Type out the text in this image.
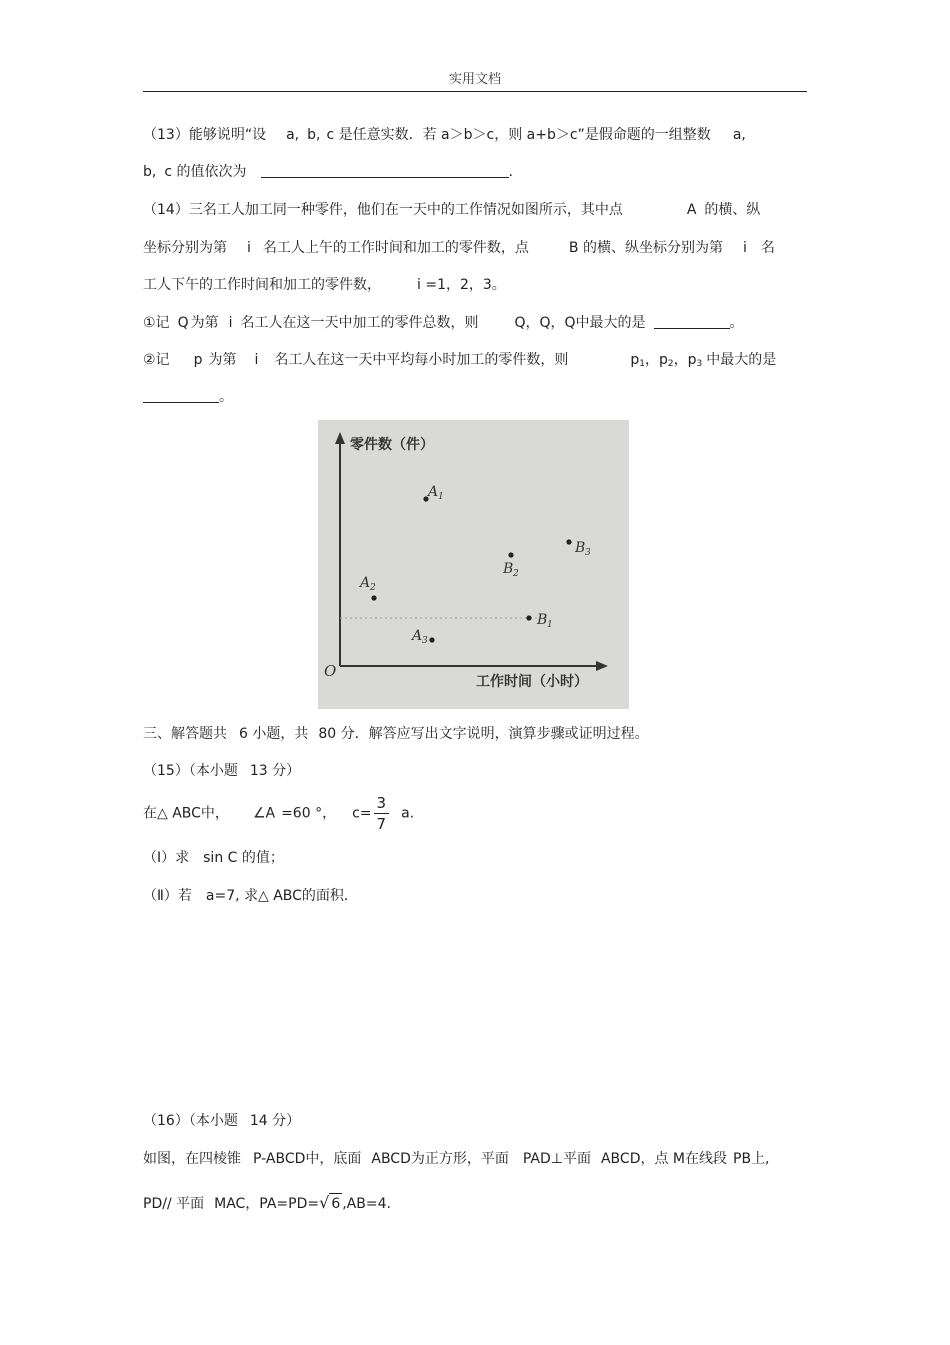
实用文档
（13）能够说明“设 a, b, c 是任意实数．若 a＞b＞c，则 a+b＞c”是假命题的一组整数 a,
b, c 的值依次为	.
（14）三名工人加工同一种零件，他们在一天中的工作情况如图所示，其中点	A 的横、纵
坐标分别为第 i 名工人上午的工作时间和加工的零件数，点	B 的横、纵坐标分别为第 i 名
工人下午的工作时间和加工的零件数，	i =1，2，3。
①记 Q 为第 i 名工人在这一天中加工的零件总数，则	Q，Q，Q中最大的是	。
②记 p 为第 i 名工人在这一天中平均每小时加工的零件数，则	$p_1$，$p_2$，$p_3$ 中最大的是
。
零件数（件）
工作时间（小时）
O
A 1
A 2
A 3
B 1
B 2
B 3
三、解答题共 6 小题，共 80 分．解答应写出文字说明，演算步骤或证明过程。
（15）（本小题 13 分）
在△ ABC中， ∠A =60 °， $c= \frac{3}{7} a$.
（Ⅰ）求 sin C 的值；
（Ⅱ）若 a=7, 求△ ABC的面积．
（16）（本小题 14 分）
如图，在四棱锥 P-ABCD中，底面 ABCD为正方形，平面 PAD⊥平面 ABCD，点 M在线段 PB上,
PD// 平面 MAC，PA=PD=√ 6 ,AB=4.
